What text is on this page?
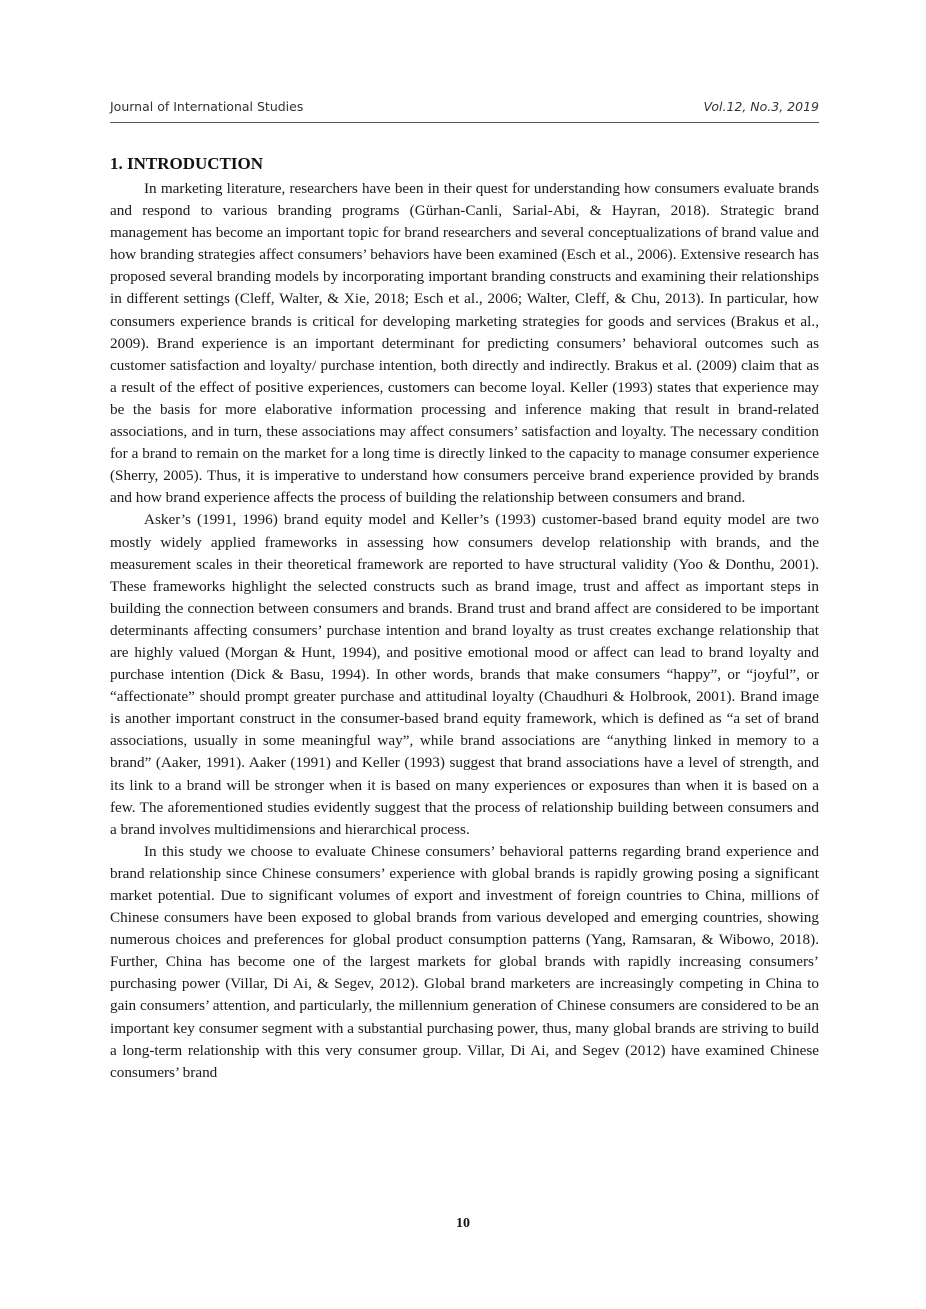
Journal of International Studies	Vol.12, No.3, 2019
1. INTRODUCTION

In marketing literature, researchers have been in their quest for understanding how consumers evaluate brands and respond to various branding programs (Gürhan-Canli, Sarial-Abi, & Hayran, 2018). Strategic brand management has become an important topic for brand researchers and several conceptualizations of brand value and how branding strategies affect consumers’ behaviors have been examined (Esch et al., 2006). Extensive research has proposed several branding models by incorporating important branding constructs and examining their relationships in different settings (Cleff, Walter, & Xie, 2018; Esch et al., 2006; Walter, Cleff, & Chu, 2013). In particular, how consumers experience brands is critical for developing marketing strategies for goods and services (Brakus et al., 2009). Brand experience is an important determinant for predicting consumers’ behavioral outcomes such as customer satisfaction and loyalty/ purchase intention, both directly and indirectly. Brakus et al. (2009) claim that as a result of the effect of positive experiences, customers can become loyal. Keller (1993) states that experience may be the basis for more elaborative information processing and inference making that result in brand-related associations, and in turn, these associations may affect consumers’ satisfaction and loyalty. The necessary condition for a brand to remain on the market for a long time is directly linked to the capacity to manage consumer experience (Sherry, 2005). Thus, it is imperative to understand how consumers perceive brand experience provided by brands and how brand experience affects the process of building the relationship between consumers and brand.

Asker’s (1991, 1996) brand equity model and Keller’s (1993) customer-based brand equity model are two mostly widely applied frameworks in assessing how consumers develop relationship with brands, and the measurement scales in their theoretical framework are reported to have structural validity (Yoo & Donthu, 2001). These frameworks highlight the selected constructs such as brand image, trust and affect as important steps in building the connection between consumers and brands. Brand trust and brand affect are considered to be important determinants affecting consumers’ purchase intention and brand loyalty as trust creates exchange relationship that are highly valued (Morgan & Hunt, 1994), and positive emotional mood or affect can lead to brand loyalty and purchase intention (Dick & Basu, 1994). In other words, brands that make consumers “happy”, or “joyful”, or “affectionate” should prompt greater purchase and attitudinal loyalty (Chaudhuri & Holbrook, 2001). Brand image is another important construct in the consumer-based brand equity framework, which is defined as “a set of brand associations, usually in some meaningful way”, while brand associations are “anything linked in memory to a brand” (Aaker, 1991). Aaker (1991) and Keller (1993) suggest that brand associations have a level of strength, and its link to a brand will be stronger when it is based on many experiences or exposures than when it is based on a few. The aforementioned studies evidently suggest that the process of relationship building between consumers and a brand involves multidimensions and hierarchical process.

In this study we choose to evaluate Chinese consumers’ behavioral patterns regarding brand experience and brand relationship since Chinese consumers’ experience with global brands is rapidly growing posing a significant market potential. Due to significant volumes of export and investment of foreign countries to China, millions of Chinese consumers have been exposed to global brands from various developed and emerging countries, showing numerous choices and preferences for global product consumption patterns (Yang, Ramsaran, & Wibowo, 2018). Further, China has become one of the largest markets for global brands with rapidly increasing consumers’ purchasing power (Villar, Di Ai, & Segev, 2012). Global brand marketers are increasingly competing in China to gain consumers’ attention, and particularly, the millennium generation of Chinese consumers are considered to be an important key consumer segment with a substantial purchasing power, thus, many global brands are striving to build a long-term relationship with this very consumer group. Villar, Di Ai, and Segev (2012) have examined Chinese consumers’ brand

10
